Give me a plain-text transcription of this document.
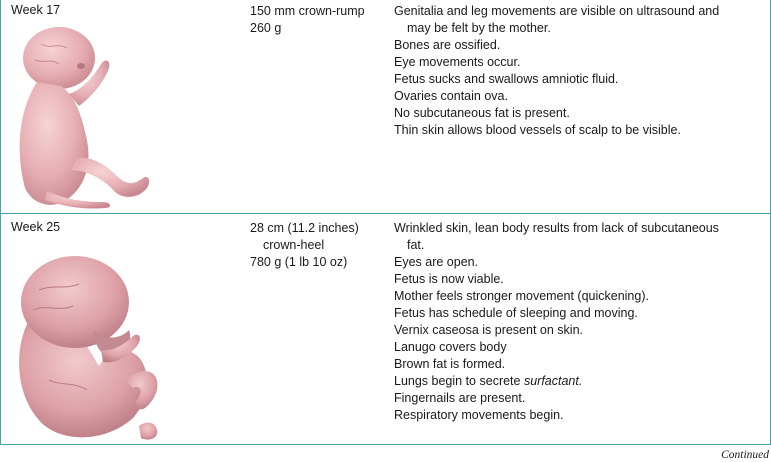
Week 17	150 mm crown-rump
260 g
Genitalia and leg movements are visible on ultrasound and
may be felt by the mother.
Bones are ossified.
Eye movements occur.
Fetus sucks and swallows amniotic fluid.
Ovaries contain ova.
No subcutaneous fat is present.
Thin skin allows blood vessels of scalp to be visible.
Week 25	28 cm (11.2 inches)
crown-heel
780 g (1 lb 10 oz)
Wrinkled skin, lean body results from lack of subcutaneous
fat.
Eyes are open.
Fetus is now viable.
Mother feels stronger movement (quickening).
Fetus has schedule of sleeping and moving.
Vernix caseosa is present on skin.
Lanugo covers body
Brown fat is formed.
Lungs begin to secrete surfactant.
Fingernails are present.
Respiratory movements begin.
Continued
